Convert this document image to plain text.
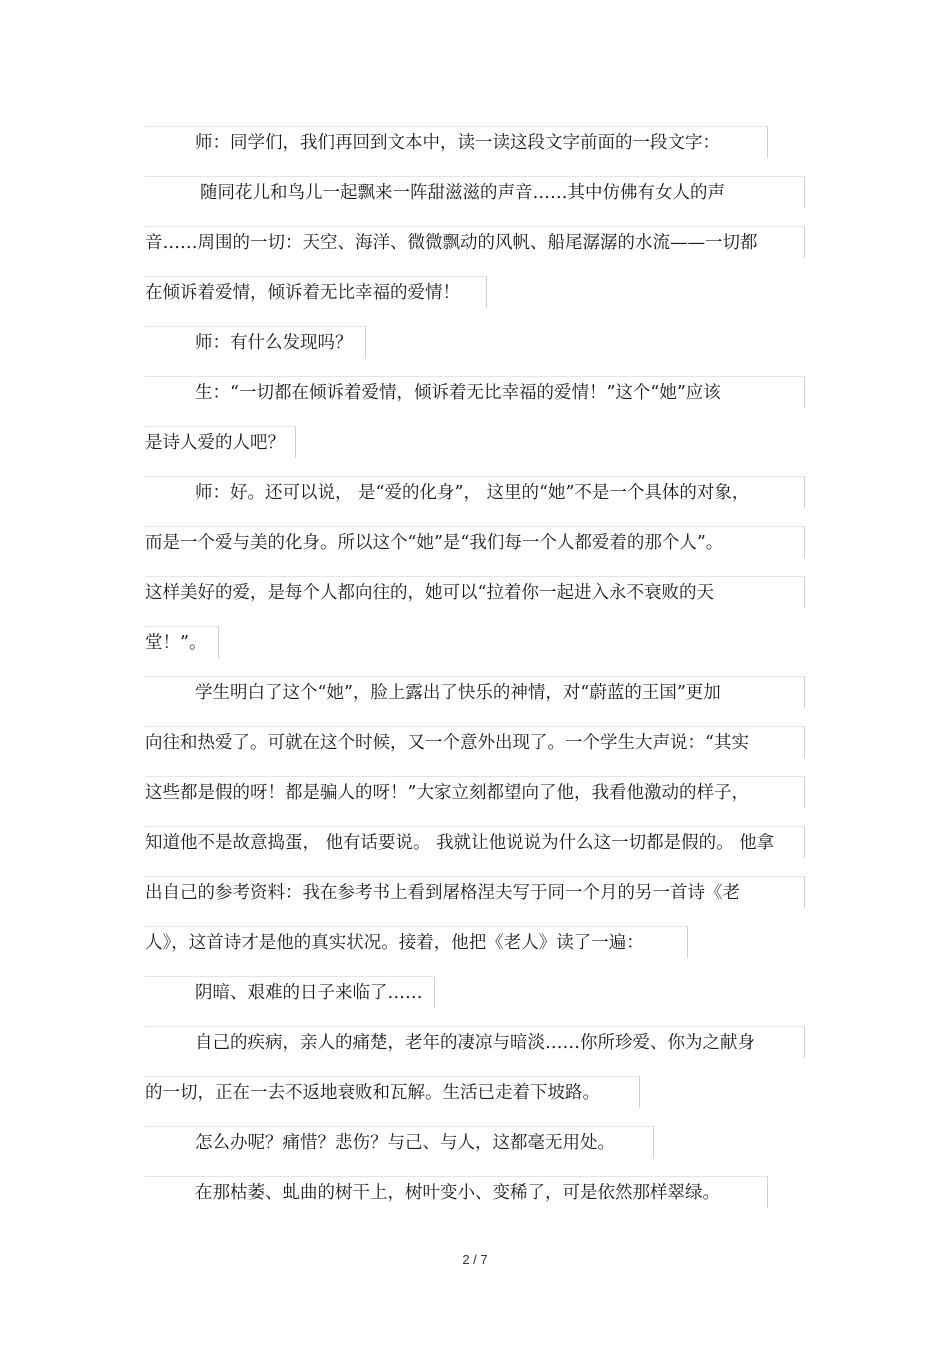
师：同学们，我们再回到文本中，读一读这段文字前面的一段文字：
随同花儿和鸟儿一起飘来一阵甜滋滋的声音……其中仿佛有女人的声
音……周围的一切：天空、海洋、微微飘动的风帆、船尾潺潺的水流——一切都
在倾诉着爱情，倾诉着无比幸福的爱情！
师：有什么发现吗？
生：“一切都在倾诉着爱情，倾诉着无比幸福的爱情！”这个“她”应该
是诗人爱的人吧？
师：好。还可以说， 是“爱的化身”， 这里的“她”不是一个具体的对象，
而是一个爱与美的化身。所以这个“她”是“我们每一个人都爱着的那个人”。
这样美好的爱，是每个人都向往的，她可以“拉着你一起进入永不衰败的天
堂！”。
学生明白了这个“她”，脸上露出了快乐的神情，对“蔚蓝的王国”更加
向往和热爱了。可就在这个时候，又一个意外出现了。一个学生大声说：“其实
这些都是假的呀！都是骗人的呀！”大家立刻都望向了他，我看他激动的样子，
知道他不是故意捣蛋， 他有话要说。 我就让他说说为什么这一切都是假的。 他拿
出自己的参考资料：我在参考书上看到屠格涅夫写于同一个月的另一首诗《老
人》，这首诗才是他的真实状况。接着，他把《老人》读了一遍：
阴暗、艰难的日子来临了……
自己的疾病，亲人的痛楚，老年的凄凉与暗淡……你所珍爱、你为之献身
的一切，正在一去不返地衰败和瓦解。生活已走着下坡路。
怎么办呢？痛惜？悲伤？与己、与人，这都毫无用处。
在那枯萎、虬曲的树干上，树叶变小、变稀了，可是依然那样翠绿。
2 / 7
